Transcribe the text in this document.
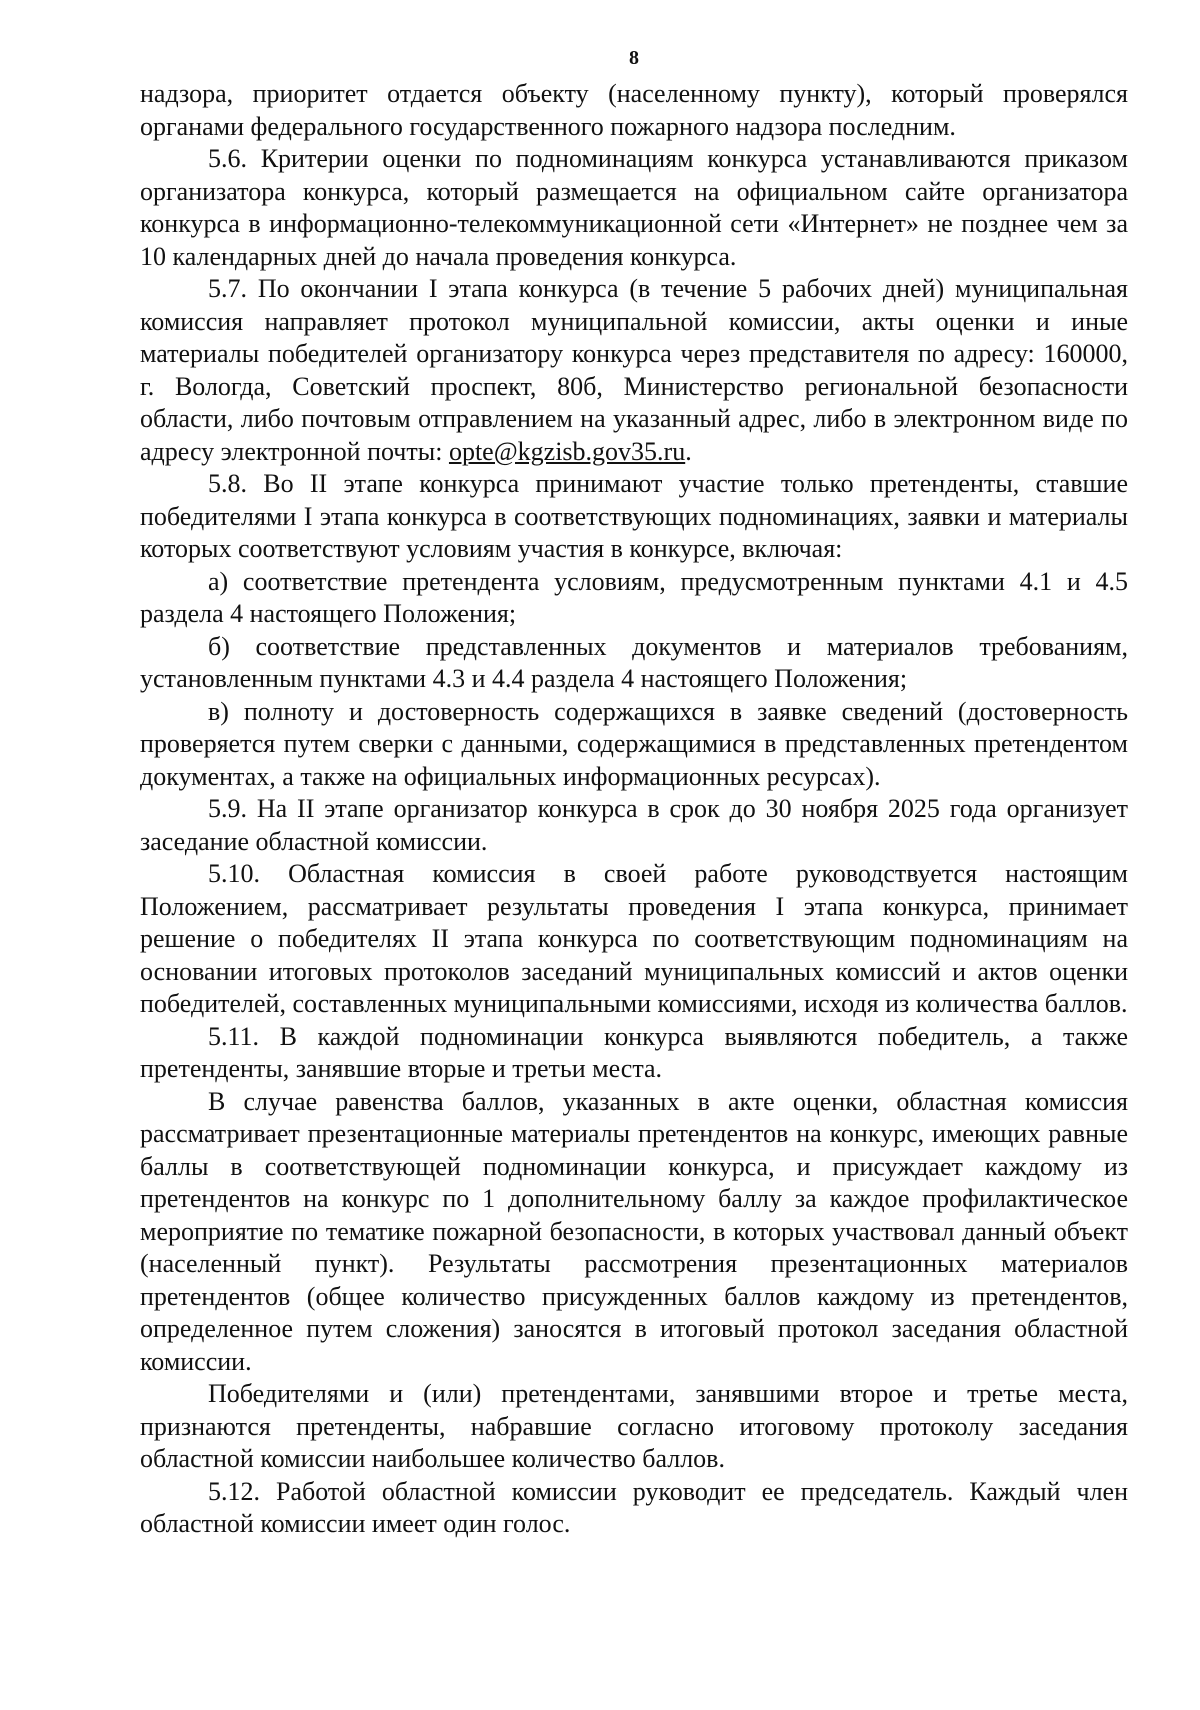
8

надзора, приоритет отдается объекту (населенному пункту), который проверялся органами федерального государственного пожарного надзора последним.

5.6. Критерии оценки по подноминациям конкурса устанавливаются приказом организатора конкурса, который размещается на официальном сайте организатора конкурса в информационно-телекоммуникационной сети «Интернет» не позднее чем за 10 календарных дней до начала проведения конкурса.

5.7. По окончании I этапа конкурса (в течение 5 рабочих дней) муниципальная комиссия направляет протокол муниципальной комиссии, акты оценки и иные материалы победителей организатору конкурса через представителя по адресу: 160000, г. Вологда, Советский проспект, 80б, Министерство региональной безопасности области, либо почтовым отправлением на указанный адрес, либо в электронном виде по адресу электронной почты: opte@kgzisb.gov35.ru.

5.8. Во II этапе конкурса принимают участие только претенденты, ставшие победителями I этапа конкурса в соответствующих подноминациях, заявки и материалы которых соответствуют условиям участия в конкурсе, включая:

а) соответствие претендента условиям, предусмотренным пунктами 4.1 и 4.5 раздела 4 настоящего Положения;

б) соответствие представленных документов и материалов требованиям, установленным пунктами 4.3 и 4.4 раздела 4 настоящего Положения;

в) полноту и достоверность содержащихся в заявке сведений (достоверность проверяется путем сверки с данными, содержащимися в представленных претендентом документах, а также на официальных информационных ресурсах).

5.9. На II этапе организатор конкурса в срок до 30 ноября 2025 года организует заседание областной комиссии.

5.10. Областная комиссия в своей работе руководствуется настоящим Положением, рассматривает результаты проведения I этапа конкурса, принимает решение о победителях II этапа конкурса по соответствующим подноминациям на основании итоговых протоколов заседаний муниципальных комиссий и актов оценки победителей, составленных муниципальными комиссиями, исходя из количества баллов.

5.11. В каждой подноминации конкурса выявляются победитель, а также претенденты, занявшие вторые и третьи места.

В случае равенства баллов, указанных в акте оценки, областная комиссия рассматривает презентационные материалы претендентов на конкурс, имеющих равные баллы в соответствующей подноминации конкурса, и присуждает каждому из претендентов на конкурс по 1 дополнительному баллу за каждое профилактическое мероприятие по тематике пожарной безопасности, в которых участвовал данный объект (населенный пункт). Результаты рассмотрения презентационных материалов претендентов (общее количество присужденных баллов каждому из претендентов, определенное путем сложения) заносятся в итоговый протокол заседания областной комиссии.

Победителями и (или) претендентами, занявшими второе и третье места, признаются претенденты, набравшие согласно итоговому протоколу заседания областной комиссии наибольшее количество баллов.

5.12. Работой областной комиссии руководит ее председатель. Каждый член областной комиссии имеет один голос.
